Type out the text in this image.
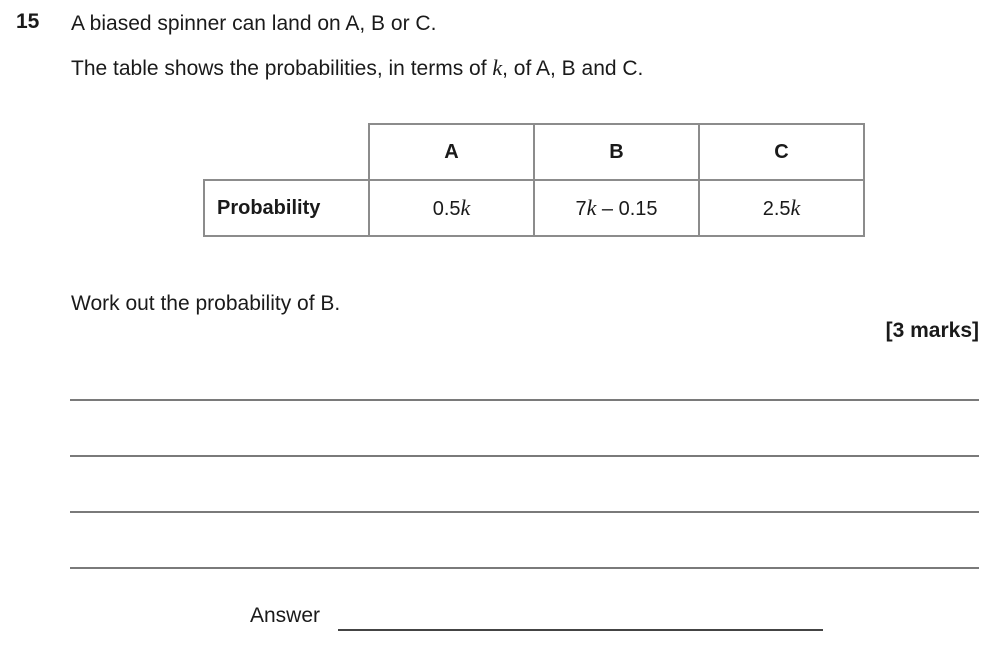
15 A biased spinner can land on A, B or C.
The table shows the probabilities, in terms of k, of A, B and C.
	A	B	C
Probability	0.5k	7k – 0.15	2.5k
Work out the probability of B.
[3 marks]
Answer
